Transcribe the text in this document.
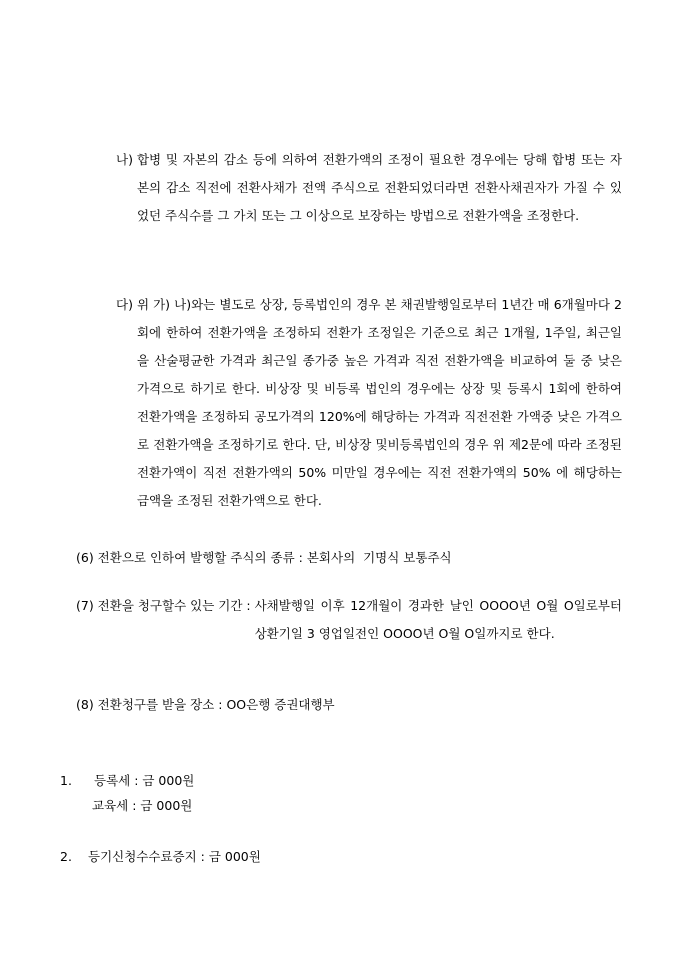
나) 합병 및 자본의 감소 등에 의하여 전환가액의 조정이 필요한 경우에는 당해 합병 또는 자본의 감소 직전에 전환사채가 전액 주식으로 전환되었더라면 전환사채권자가 가질 수 있었던 주식수를 그 가치 또는 그 이상으로 보장하는 방법으로 전환가액을 조정한다.
다) 위 가) 나)와는 별도로 상장, 등록법인의 경우 본 채권발행일로부터 1년간 매 6개월마다 2회에 한하여 전환가액을 조정하되 전환가 조정일은 기준으로 최근 1개월, 1주일, 최근일을 산술평균한 가격과 최근일 종가중 높은 가격과 직전 전환가액을 비교하여 둘 중 낮은 가격으로 하기로 한다. 비상장 및 비등록 법인의 경우에는 상장 및 등록시 1회에 한하여 전환가액을 조정하되 공모가격의 120%에 해당하는 가격과 직전전환 가액중 낮은 가격으로 전환가액을 조정하기로 한다. 단, 비상장 및비등록법인의 경우 위 제2문에 따라 조정된 전환가액이 직전 전환가액의 50% 미만일 경우에는 직전 전환가액의 50% 에 해당하는 금액을 조정된 전환가액으로 한다.
(6) 전환으로 인하여 발행할 주식의 종류 : 본회사의  기명식 보통주식
(7) 전환을 청구할수 있는 기간 : 사채발행일 이후 12개월이 경과한 날인 OOOO년 O월 O일로부터 상환기일 3 영업일전인 OOOO년 O월 O일까지로 한다.
(8) 전환청구를 받을 장소 : OO은행 증권대행부
1. 등록세 : 금 000원
교육세 : 금 000원
2. 등기신청수수료증지 : 금 000원
